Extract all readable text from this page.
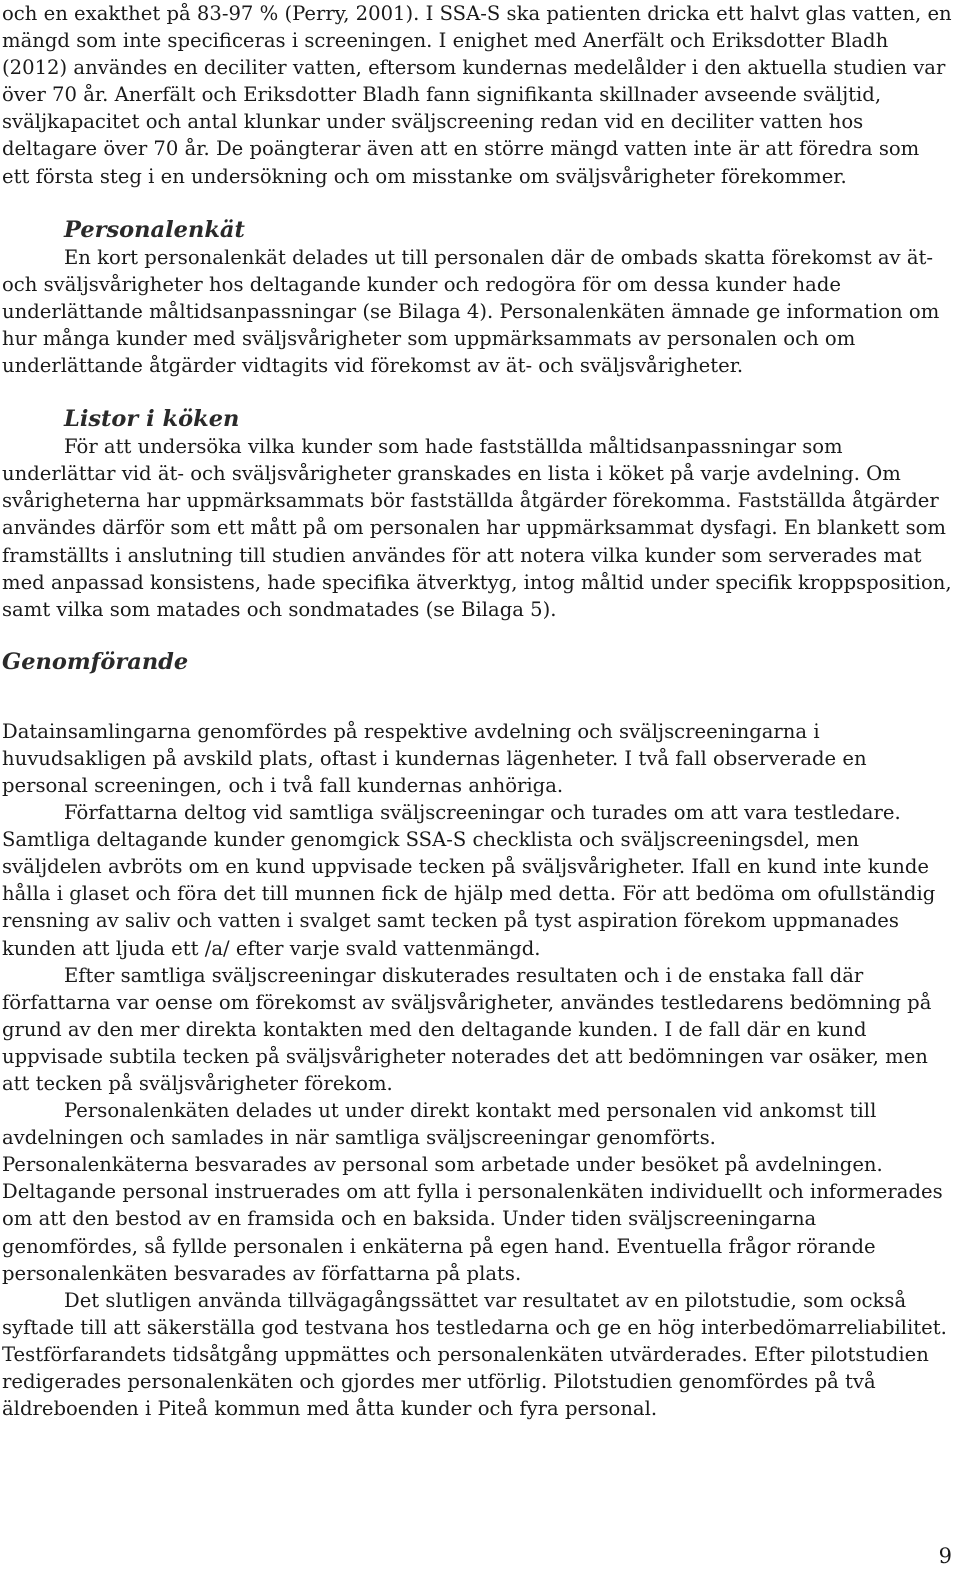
och en exakthet på 83-97 % (Perry, 2001). I SSA-S ska patienten dricka ett halvt glas vatten, en mängd som inte specificeras i screeningen. I enighet med Anerfält och Eriksdotter Bladh (2012) användes en deciliter vatten, eftersom kundernas medelålder i den aktuella studien var över 70 år. Anerfält och Eriksdotter Bladh fann signifikanta skillnader avseende sväljtid, sväljkapacitet och antal klunkar under sväljscreening redan vid en deciliter vatten hos deltagare över 70 år. De poängterar även att en större mängd vatten inte är att föredra som ett första steg i en undersökning och om misstanke om sväljsvårigheter förekommer.

Personalenkät

En kort personalenkät delades ut till personalen där de ombads skatta förekomst av ät- och sväljsvårigheter hos deltagande kunder och redogöra för om dessa kunder hade underlättande måltidsanpassningar (se Bilaga 4). Personalenkäten ämnade ge information om hur många kunder med sväljsvårigheter som uppmärksammats av personalen och om underlättande åtgärder vidtagits vid förekomst av ät- och sväljsvårigheter.

Listor i köken

För att undersöka vilka kunder som hade fastställda måltidsanpassningar som underlättar vid ät- och sväljsvårigheter granskades en lista i köket på varje avdelning. Om svårigheterna har uppmärksammats bör fastställda åtgärder förekomma. Fastställda åtgärder användes därför som ett mått på om personalen har uppmärksammat dysfagi. En blankett som framställts i anslutning till studien användes för att notera vilka kunder som serverades mat med anpassad konsistens, hade specifika ätverktyg, intog måltid under specifik kroppsposition, samt vilka som matades och sondmatades (se Bilaga 5).

Genomförande

Datainsamlingarna genomfördes på respektive avdelning och sväljscreeningarna i huvudsakligen på avskild plats, oftast i kundernas lägenheter. I två fall observerade en personal screeningen, och i två fall kundernas anhöriga.

Författarna deltog vid samtliga sväljscreeningar och turades om att vara testledare. Samtliga deltagande kunder genomgick SSA-S checklista och sväljscreeningsdel, men sväljdelen avbröts om en kund uppvisade tecken på sväljsvårigheter. Ifall en kund inte kunde hålla i glaset och föra det till munnen fick de hjälp med detta. För att bedöma om ofullständig rensning av saliv och vatten i svalget samt tecken på tyst aspiration förekom uppmanades kunden att ljuda ett /a/ efter varje svald vattenmängd.

Efter samtliga sväljscreeningar diskuterades resultaten och i de enstaka fall där författarna var oense om förekomst av sväljsvårigheter, användes testledarens bedömning på grund av den mer direkta kontakten med den deltagande kunden. I de fall där en kund uppvisade subtila tecken på sväljsvårigheter noterades det att bedömningen var osäker, men att tecken på sväljsvårigheter förekom.

Personalenkäten delades ut under direkt kontakt med personalen vid ankomst till avdelningen och samlades in när samtliga sväljscreeningar genomförts.

Personalenkäterna besvarades av personal som arbetade under besöket på avdelningen. Deltagande personal instruerades om att fylla i personalenkäten individuellt och informerades om att den bestod av en framsida och en baksida. Under tiden sväljscreeningarna genomfördes, så fyllde personalen i enkäterna på egen hand. Eventuella frågor rörande personalenkäten besvarades av författarna på plats.

Det slutligen använda tillvägagångssättet var resultatet av en pilotstudie, som också syftade till att säkerställa god testvana hos testledarna och ge en hög interbedömarreliabilitet. Testförfarandets tidsåtgång uppmättes och personalenkäten utvärderades. Efter pilotstudien redigerades personalenkäten och gjordes mer utförlig. Pilotstudien genomfördes på två äldreboenden i Piteå kommun med åtta kunder och fyra personal.

9
